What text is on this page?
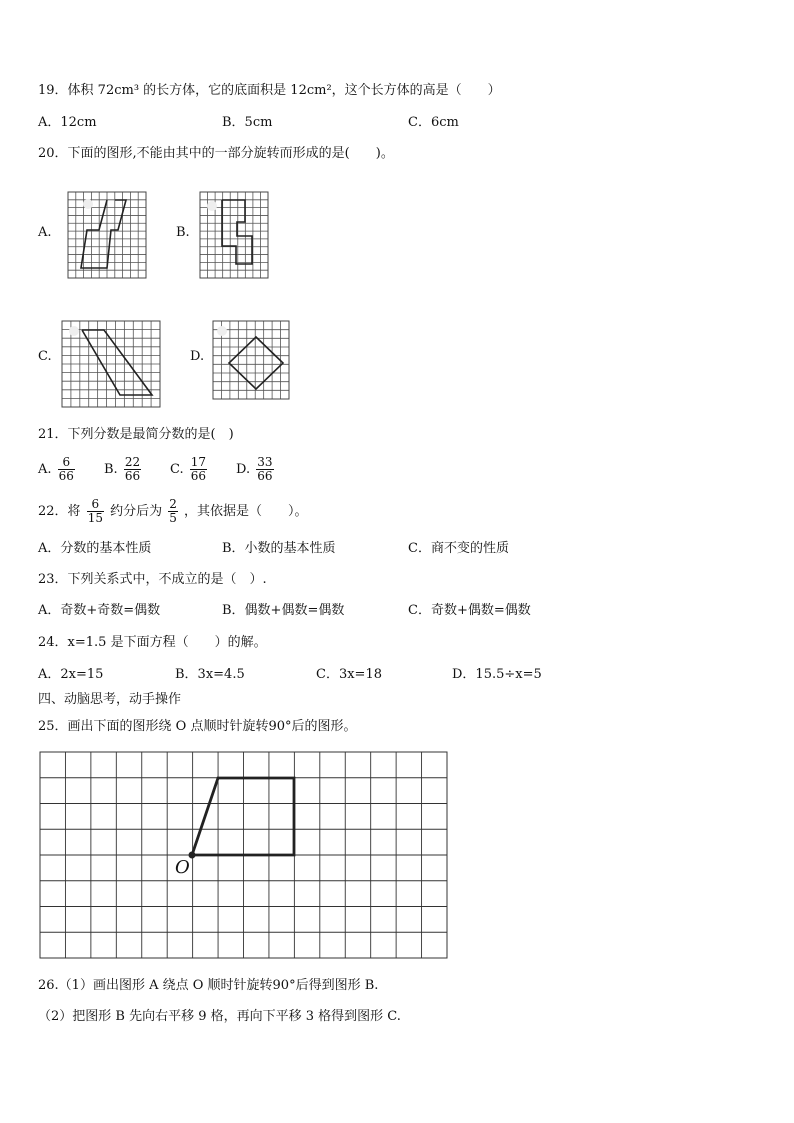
19．体积 72cm³ 的长方体，它的底面积是 12cm²，这个长方体的高是（　　）
A．12cm	B．5cm	C．6cm
20．下面的图形,不能由其中的一部分旋转而形成的是(　　)。
A.	B.
C.	D.
21．下列分数是最简分数的是(　)
A. $\frac{6}{66} B$. $\frac{22}{66} C$. $\frac{17}{66} D$. $\frac{33}{66}$
22．将 $\frac{6}{15}$ 约分后为 $\frac{2}{5}$ ，其依据是（　　）。
A．分数的基本性质	B．小数的基本性质	C．商不变的性质
23．下列关系式中，不成立的是（　）.
A．奇数+奇数=偶数	B．偶数+偶数=偶数	C．奇数+偶数=偶数
24．x=1.5 是下面方程（　　）的解。
A．2x=15	B．3x=4.5	C．3x=18	D．15.5÷x=5
四、动脑思考，动手操作
25．画出下面的图形绕 O 点顺时针旋转90°后的图形。
O
26.（1）画出图形 A 绕点 O 顺时针旋转90°后得到图形 B.
（2）把图形 B 先向右平移 9 格，再向下平移 3 格得到图形 C.
